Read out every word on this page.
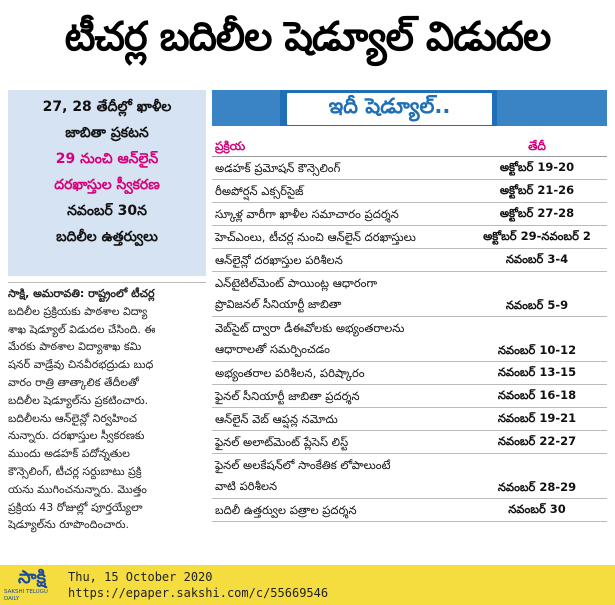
టీచర్ల బదిలీల షెడ్యూల్ విడుదల
27, 28 తేదీల్లో ఖాళీల
జాబితా ప్రకటన
29 నుంచి ఆన్‌లైన్
దరఖాస్తుల స్వీకరణ
నవంబర్ 30న
బదిలీల ఉత్తర్వులు
సాక్షి, అమరావతి: రాష్ట్రంలో టీచర్ల
బదిలీల ప్రక్రియకు పాఠశాల విద్యా
శాఖ షెడ్యూల్ విడుదల చేసింది. ఈ
మేరకు పాఠశాల విద్యాశాఖ కమి
షనర్ వాడ్రేవు చినవీరభద్రుడు బుధ
వారం రాత్రి తాత్కాలిక తేదీలతో
బదిలీల షెడ్యూల్‌ను ప్రకటించారు.
బదిలీలను ఆన్‌లైన్లో నిర్వహించ
నున్నారు. దరఖాస్తుల స్వీకరణకు
ముందు అడహక్ పదోన్నతుల
కౌన్సెలింగ్, టీచర్ల సర్దుబాటు ప్రక్రి
యను ముగించనున్నారు. మొత్తం
ప్రక్రియ 43 రోజుల్లో పూర్తయ్యేలా
షెడ్యూల్‌ను రూపొందించారు.
ఇదీ షెడ్యూల్..
ప్రక్రియ	తేదీ
అడహక్ ప్రమోషన్ కౌన్సెలింగ్	అక్టోబర్ 19-20
రీఅపోర్షన్ ఎక్సర్‌సైజ్	అక్టోబర్ 21-26
స్కూళ్ల వారీగా ఖాళీల సమాచారం ప్రదర్శన	అక్టోబర్ 27-28
హెచ్‌ఎంలు, టీచర్ల నుంచి ఆన్‌లైన్ దరఖాస్తులు	అక్టోబర్ 29-నవంబర్ 2
ఆన్‌లైన్లో దరఖాస్తుల పరిశీలన	నవంబర్ 3-4
ఎన్‌టైటిల్‌మెంట్ పాయింట్ల ఆధారంగా
ప్రొవిజనల్ సీనియార్టీ జాబితా	నవంబర్ 5-9
వెబ్‌సైట్ ద్వారా డీఈవోలకు అభ్యంతరాలను
ఆధారాలతో సమర్పించడం	నవంబర్ 10-12
అభ్యంతరాల పరిశీలన, పరిష్కారం	నవంబర్ 13-15
ఫైనల్ సీనియార్టీ జాబితా ప్రదర్శన	నవంబర్ 16-18
ఆన్‌లైన్ వెబ్ ఆప్షన్ల నమోదు	నవంబర్ 19-21
ఫైనల్ అలాట్‌మెంట్ ప్లేసెస్ లిస్ట్	నవంబర్ 22-27
ఫైనల్ అలకేషన్‌లో సాంకేతిక లోపాలుంటే
వాటి పరిశీలన	నవంబర్ 28-29
బదిలీ ఉత్తర్వుల పత్రాల ప్రదర్శన	నవంబర్ 30
సాక్షి
SAKSHI TELUGU DAILY
Thu, 15 October 2020
https://epaper.sakshi.com/c/55669546
